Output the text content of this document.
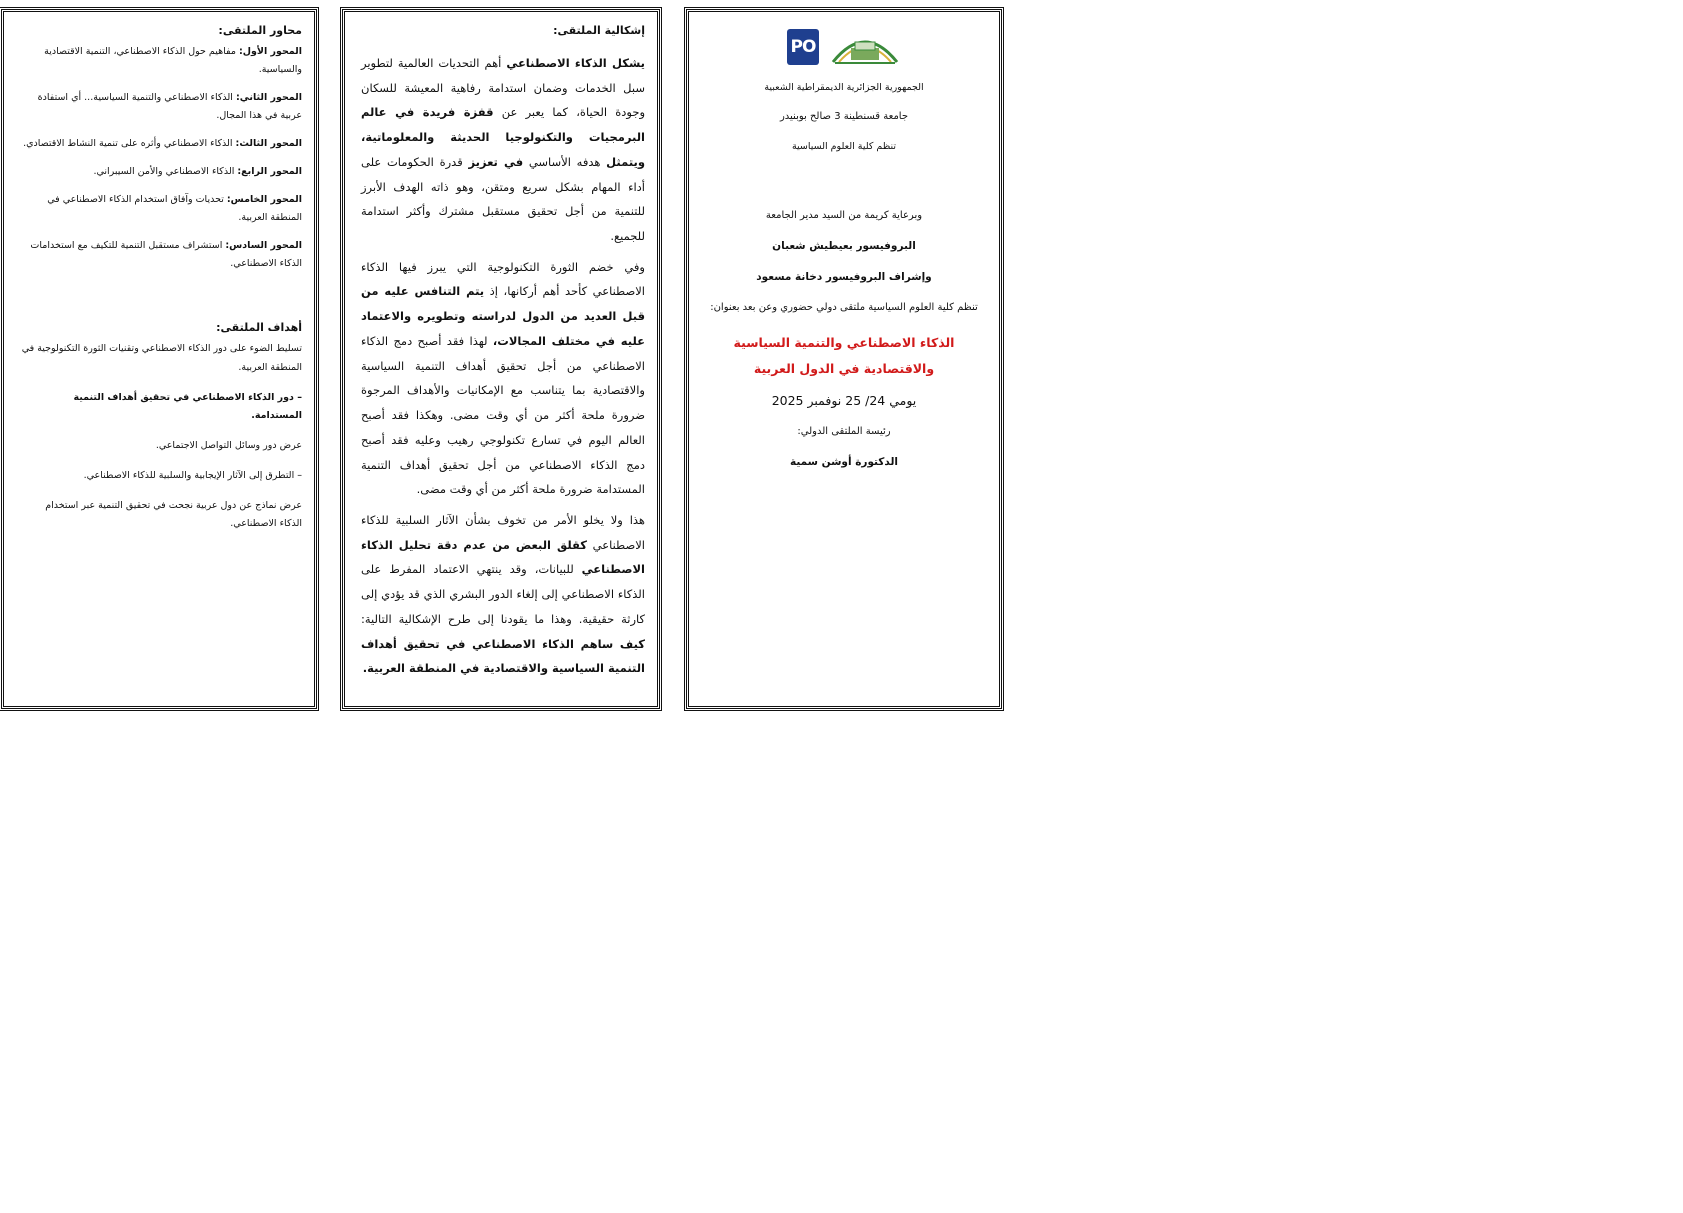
محاور الملتقى:

المحور الأول: مفاهيم حول الذكاء الاصطناعي، التنمية الاقتصادية والسياسية.

المحور الثاني: الذكاء الاصطناعي والتنمية السياسية... أي استفادة عربية في هذا المجال.

المحور الثالث: الذكاء الاصطناعي وأثره على تنمية النشاط الاقتصادي.

المحور الرابع: الذكاء الاصطناعي والأمن السيبراني.

المحور الخامس: تحديات وآفاق استخدام الذكاء الاصطناعي في المنطقة العربية.

المحور السادس: استشراف مستقبل التنمية للتكيف مع استخدامات الذكاء الاصطناعي.

أهداف الملتقى:

تسليط الضوء على دور الذكاء الاصطناعي وتقنيات الثورة التكنولوجية في المنطقة العربية.

– دور الذكاء الاصطناعي في تحقيق أهداف التنمية المستدامة.

عرض دور وسائل التواصل الاجتماعي.

– التطرق إلى الآثار الإيجابية والسلبية للذكاء الاصطناعي.

عرض نماذج عن دول عربية نجحت في تحقيق التنمية عبر استخدام الذكاء الاصطناعي.

إشكالية الملتقى:

يشكل الذكاء الاصطناعي أهم التحديات العالمية لتطوير سبل الخدمات وضمان استدامة رفاهية المعيشة للسكان وجودة الحياة، كما يعبر عن قفزة فريدة في عالم البرمجيات والتكنولوجيا الحديثة والمعلوماتية، ويتمثل هدفه الأساسي في تعزيز قدرة الحكومات على أداء المهام بشكل سريع ومتقن، وهو ذاته الهدف الأبرز للتنمية من أجل تحقيق مستقبل مشترك وأكثر استدامة للجميع.

وفي خضم الثورة التكنولوجية التي يبرز فيها الذكاء الاصطناعي كأحد أهم أركانها، إذ يتم التنافس عليه من قبل العديد من الدول لدراسته وتطويره والاعتماد عليه في مختلف المجالات، لهذا فقد أصبح دمج الذكاء الاصطناعي من أجل تحقيق أهداف التنمية السياسية والاقتصادية بما يتناسب مع الإمكانيات والأهداف المرجوة ضرورة ملحة أكثر من أي وقت مضى. وهكذا فقد أصبح العالم اليوم في تسارع تكنولوجي رهيب وعليه فقد أصبح دمج الذكاء الاصطناعي من أجل تحقيق أهداف التنمية المستدامة ضرورة ملحة أكثر من أي وقت مضى.

هذا ولا يخلو الأمر من تخوف بشأن الآثار السلبية للذكاء الاصطناعي كقلق البعض من عدم دقة تحليل الذكاء الاصطناعي للبيانات، وقد ينتهي الاعتماد المفرط على الذكاء الاصطناعي إلى إلغاء الدور البشري الذي قد يؤدي إلى كارثة حقيقية. وهذا ما يقودنا إلى طرح الإشكالية التالية: كيف ساهم الذكاء الاصطناعي في تحقيق أهداف التنمية السياسية والاقتصادية في المنطقة العربية.

PO

الجمهورية الجزائرية الديمقراطية الشعبية

جامعة قسنطينة 3 صالح بوبنيدر

تنظم كلية العلوم السياسية

وبرعاية كريمة من السيد مدير الجامعة

البروفيسور بعيطيش شعبان

وإشراف البروفيسور دخانة مسعود

تنظم كلية العلوم السياسية ملتقى دولي حضوري وعن بعد بعنوان:

الذكاء الاصطناعي والتنمية السياسية والاقتصادية في الدول العربية
يومي 24/ 25 نوفمبر 2025

رئيسة الملتقى الدولي:

الدكتورة أوشن سمية
